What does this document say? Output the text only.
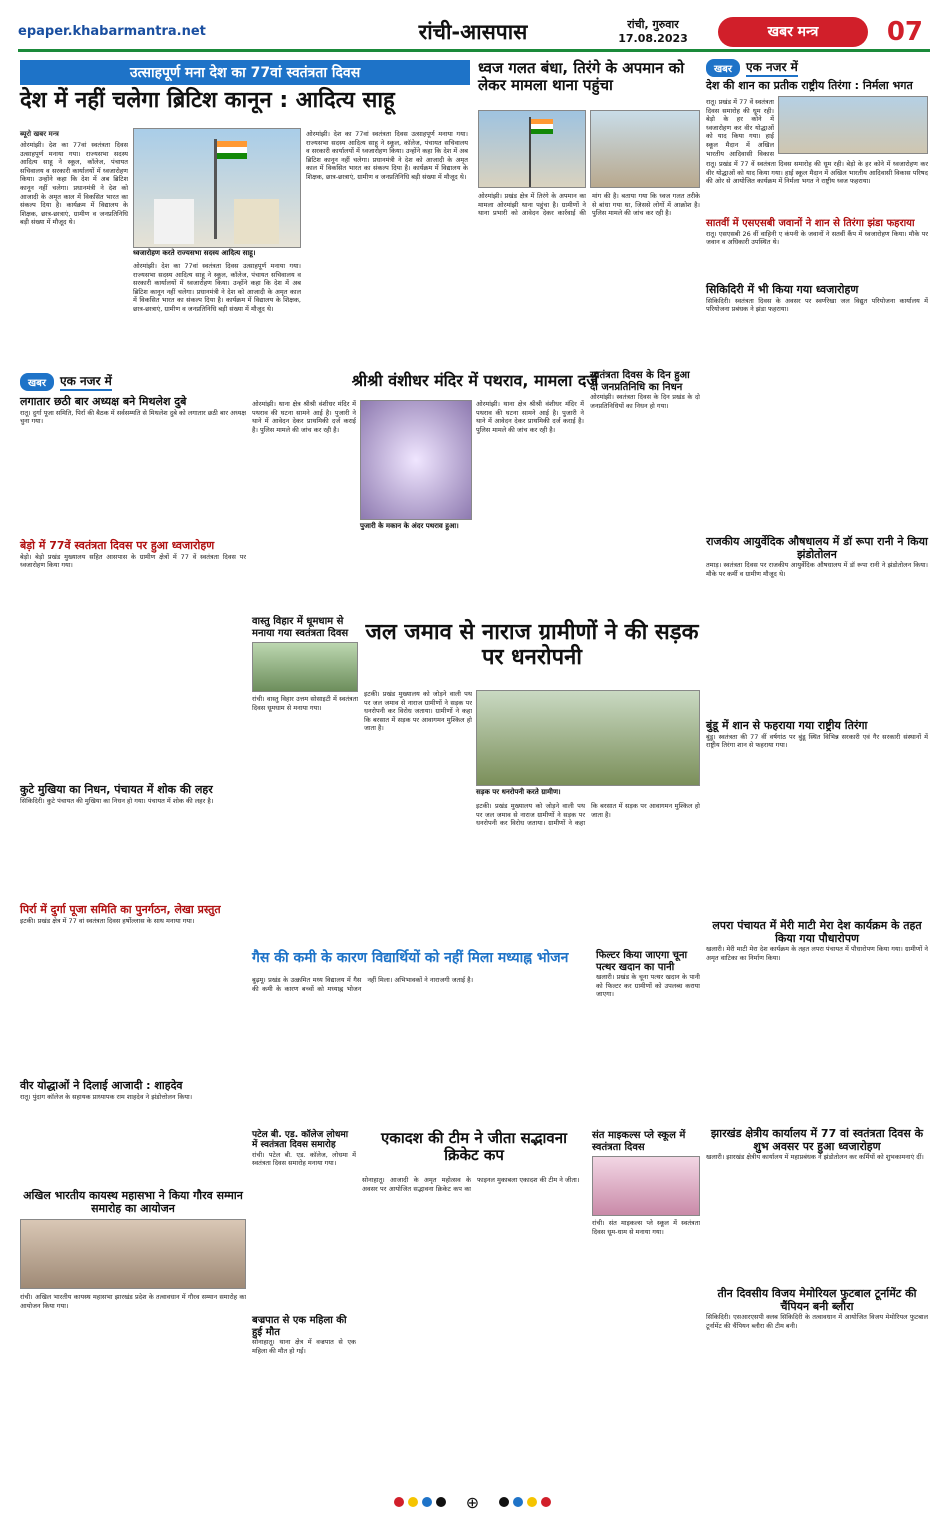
epaper.khabarmantra.net	रांची-आसपास	रांची, गुरुवार
17.08.2023	खबर मन्त्र	07
उत्साहपूर्ण मना देश का 77वां स्वतंत्रता दिवस
देश में नहीं चलेगा ब्रिटिश कानून : आदित्य साहू
ध्वजारोहण करते राज्यसभा सदस्य आदित्य साहू।
ब्यूरो खबर मन्त्र
ओरमांझी। देश का 77वां स्वतंत्रता दिवस उत्साहपूर्ण मनाया गया। राज्यसभा सदस्य आदित्य साहू ने स्कूल, कॉलेज, पंचायत सचिवालय व सरकारी कार्यालयों में ध्वजारोहण किया। उन्होंने कहा कि देश में अब ब्रिटिश कानून नहीं चलेगा। प्रधानमंत्री ने देश को आजादी के अमृत काल में विकसित भारत का संकल्प दिया है। कार्यक्रम में विद्यालय के शिक्षक, छात्र-छात्राएं, ग्रामीण व जनप्रतिनिधि बड़ी संख्या में मौजूद थे।
ओरमांझी। देश का 77वां स्वतंत्रता दिवस उत्साहपूर्ण मनाया गया। राज्यसभा सदस्य आदित्य साहू ने स्कूल, कॉलेज, पंचायत सचिवालय व सरकारी कार्यालयों में ध्वजारोहण किया। उन्होंने कहा कि देश में अब ब्रिटिश कानून नहीं चलेगा। प्रधानमंत्री ने देश को आजादी के अमृत काल में विकसित भारत का संकल्प दिया है। कार्यक्रम में विद्यालय के शिक्षक, छात्र-छात्राएं, ग्रामीण व जनप्रतिनिधि बड़ी संख्या में मौजूद थे।
ओरमांझी। देश का 77वां स्वतंत्रता दिवस उत्साहपूर्ण मनाया गया। राज्यसभा सदस्य आदित्य साहू ने स्कूल, कॉलेज, पंचायत सचिवालय व सरकारी कार्यालयों में ध्वजारोहण किया। उन्होंने कहा कि देश में अब ब्रिटिश कानून नहीं चलेगा। प्रधानमंत्री ने देश को आजादी के अमृत काल में विकसित भारत का संकल्प दिया है। कार्यक्रम में विद्यालय के शिक्षक, छात्र-छात्राएं, ग्रामीण व जनप्रतिनिधि बड़ी संख्या में मौजूद थे।
ध्वज गलत बंधा, तिरंगे के अपमान को लेकर मामला थाना पहुंचा
ओरमांझी। प्रखंड क्षेत्र में तिरंगे के अपमान का मामला ओरमांझी थाना पहुंचा है। ग्रामीणों ने थाना प्रभारी को आवेदन देकर कार्रवाई की मांग की है। बताया गया कि ध्वज गलत तरीके से बांधा गया था, जिससे लोगों में आक्रोश है। पुलिस मामले की जांच कर रही है।
खबर	एक नजर में
देश की शान का प्रतीक राष्ट्रीय तिरंगा : निर्मला भगत
रातू। प्रखंड में 77 वें स्वतंत्रता दिवस समारोह की धूम रही। बेड़ो के हर कोने में ध्वजारोहण कर वीर योद्धाओं को याद किया गया। हाई स्कूल मैदान में अखिल भारतीय आदिवासी विकास
रातू। प्रखंड में 77 वें स्वतंत्रता दिवस समारोह की धूम रही। बेड़ो के हर कोने में ध्वजारोहण कर वीर योद्धाओं को याद किया गया। हाई स्कूल मैदान में अखिल भारतीय आदिवासी विकास परिषद की ओर से आयोजित कार्यक्रम में निर्मला भगत ने राष्ट्रीय ध्वज फहराया।
सातवीं में एसएसबी जवानों ने शान से तिरंगा झंडा फहराया
रातू। एसएसबी 26 वीं वाहिनी ए कंपनी के जवानों ने सतवीं कैंप में ध्वजारोहण किया। मौके पर जवान व अधिकारी उपस्थित थे।
सिकिदिरी में भी किया गया ध्वजारोहण
सिकिदिरी। स्वतंत्रता दिवस के अवसर पर स्वर्णरेखा जल विद्युत परियोजना कार्यालय में परियोजना प्रबंधक ने झंडा फहराया।
राजकीय आयुर्वेदिक औषधालय में डॉ रूपा रानी ने किया झंडोतोलन
तमाड़। स्वतंत्रता दिवस पर राजकीय आयुर्वेदिक औषधालय में डॉ रूपा रानी ने झंडोतोलन किया। मौके पर कर्मी व ग्रामीण मौजूद थे।
बुंडू में शान से फहराया गया राष्ट्रीय तिरंगा
बुंडू। स्वतंत्रता की 77 वीं वर्षगांठ पर बुंडू स्थित विभिन्न सरकारी एवं गैर सरकारी संस्थानों में राष्ट्रीय तिरंगा शान से फहराया गया।
लपरा पंचायत में मेरी माटी मेरा देश कार्यक्रम के तहत किया गया पौधारोपण
खलारी। मेरी माटी मेरा देश कार्यक्रम के तहत लपरा पंचायत में पौधारोपण किया गया। ग्रामीणों ने अमृत वाटिका का निर्माण किया।
झारखंड क्षेत्रीय कार्यालय में 77 वां स्वतंत्रता दिवस के शुभ अवसर पर हुआ ध्वजारोहण
खलारी। झारखंड क्षेत्रीय कार्यालय में महाप्रबंधक ने झंडोतोलन कर कर्मियों को शुभकामनाएं दीं।
तीन दिवसीय विजय मेमोरियल फुटबाल टूर्नामेंट की चैंपियन बनी ब्लौरा
सिकिदिरी। एसआरएसपी क्लब सिकिदिरी के तत्वावधान में आयोजित विजय मेमोरियल फुटबाल टूर्नामेंट की चैंपियन ब्लौरा की टीम बनी।
खबर	एक नजर में
लगातार छठी बार अध्यक्ष बने मिथलेश दुबे
रातू। दुर्गा पूजा समिति, पिर्रा की बैठक में सर्वसम्मति से मिथलेश दुबे को लगातार छठी बार अध्यक्ष चुना गया।
बेड़ो में 77वें स्वतंत्रता दिवस पर हुआ ध्वजारोहण
बेड़ो। बेड़ो प्रखंड मुख्यालय सहित आसपास के ग्रामीण क्षेत्रों में 77 वें स्वतंत्रता दिवस पर ध्वजारोहण किया गया।
कुटे मुखिया का निधन, पंचायत में शोक की लहर
सिकिदिरी। कुटे पंचायत की मुखिया का निधन हो गया। पंचायत में शोक की लहर है।
पिर्रा में दुर्गा पूजा समिति का पुनर्गठन, लेखा प्रस्तुत
इटकी। प्रखंड क्षेत्र में 77 वां स्वतंत्रता दिवस हर्षोल्लास के साथ मनाया गया।
वीर योद्धाओं ने दिलाई आजादी : शाहदेव
रातू। पुंदाग कॉलेज के सहायक प्राध्यापक राम शाहदेव ने झंडोत्तोलन किया।
अखिल भारतीय कायस्थ महासभा ने किया गौरव सम्मान समारोह का आयोजन
रांची। अखिल भारतीय कायस्थ महासभा झारखंड प्रदेश के तत्वावधान में गौरव सम्मान समारोह का आयोजन किया गया।
श्रीश्री वंशीधर मंदिर में पथराव, मामला दर्ज
पुजारी के मकान के अंदर पथराव हुआ।
ओरमांझी। थाना क्षेत्र श्रीश्री वंशीधर मंदिर में पथराव की घटना सामने आई है। पुजारी ने थाने में आवेदन देकर प्राथमिकी दर्ज कराई है। पुलिस मामले की जांच कर रही है।
ओरमांझी। थाना क्षेत्र श्रीश्री वंशीधर मंदिर में पथराव की घटना सामने आई है। पुजारी ने थाने में आवेदन देकर प्राथमिकी दर्ज कराई है। पुलिस मामले की जांच कर रही है।
स्वतंत्रता दिवस के दिन हुआ दो जनप्रतिनिधि का निधन
ओरमांझी। स्वतंत्रता दिवस के दिन प्रखंड के दो जनप्रतिनिधियों का निधन हो गया।
वास्तु विहार में धूमधाम से मनाया गया स्वतंत्रता दिवस
रांची। वास्तु विहार उत्तम सोसाइटी में स्वतंत्रता दिवस धूमधाम से मनाया गया।
जल जमाव से नाराज ग्रामीणों ने की सड़क पर धनरोपनी
सड़क पर धनरोपनी करते ग्रामीण।
इटकी। प्रखंड मुख्यालय को जोड़ने वाली पथ पर जल जमाव से नाराज ग्रामीणों ने सड़क पर धनरोपनी कर विरोध जताया। ग्रामीणों ने कहा कि बरसात में सड़क पर आवागमन मुश्किल हो जाता है।
इटकी। प्रखंड मुख्यालय को जोड़ने वाली पथ पर जल जमाव से नाराज ग्रामीणों ने सड़क पर धनरोपनी कर विरोध जताया। ग्रामीणों ने कहा कि बरसात में सड़क पर आवागमन मुश्किल हो जाता है।
गैस की कमी के कारण विद्यार्थियों को नहीं मिला मध्याह्न भोजन
बुढ़मू। प्रखंड के उत्क्रमित मध्य विद्यालय में गैस की कमी के कारण बच्चों को मध्याह्न भोजन नहीं मिला। अभिभावकों ने नाराजगी जताई है।
फिल्टर किया जाएगा चूना पत्थर खदान का पानी
खलारी। प्रखंड के चूना पत्थर खदान के पानी को फिल्टर कर ग्रामीणों को उपलब्ध कराया जाएगा।
पटेल बी. एड. कॉलेज लोधमा में स्वतंत्रता दिवस समारोह
रांची। पटेल बी. एड. कॉलेज, लोधमा में स्वतंत्रता दिवस समारोह मनाया गया।
बज्रपात से एक महिला की हुई मौत
सोनाहातू। थाना क्षेत्र में वज्रपात से एक महिला की मौत हो गई।
एकादश की टीम ने जीता सद्भावना क्रिकेट कप
सोनाहातू। आजादी के अमृत महोत्सव के अवसर पर आयोजित सद्भावना क्रिकेट कप का फाइनल मुकाबला एकादश की टीम ने जीता।
संत माइकल्स प्ले स्कूल में स्वतंत्रता दिवस
रांची। संत माइकल्स प्ले स्कूल में स्वतंत्रता दिवस धूम-धाम से मनाया गया।
⊕
